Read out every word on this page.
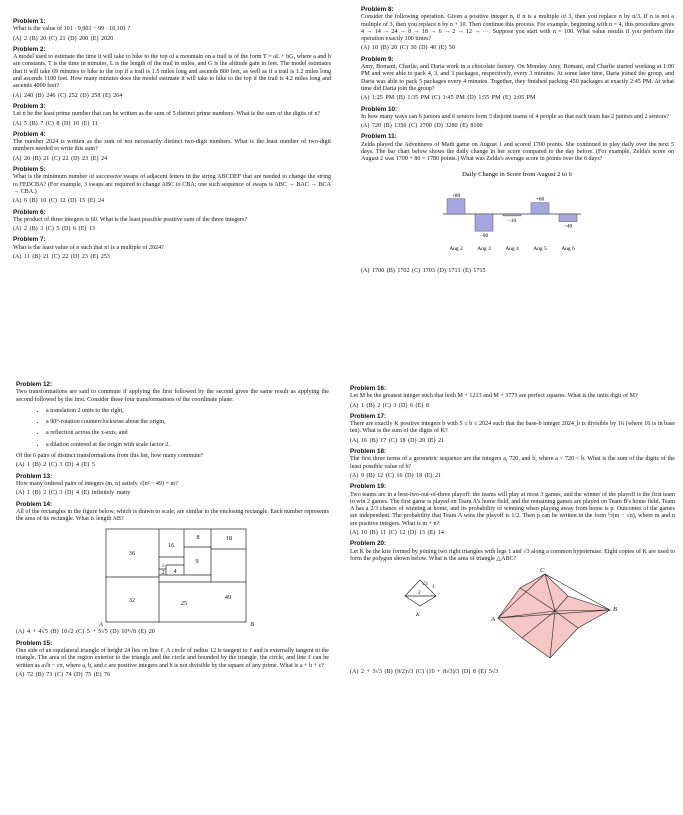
Problem 1:
What is the value of 101 · 9,901 − 99 · 10,101 ?
(A) 2 (B) 20 (C) 21 (D) 200 (E) 2020
Problem 2:
A model used to estimate the time it will take to hike to the top of a mountain on a trail is of the form T = aL + bG, where a and b are constants, T is the time in minutes, L is the length of the trail in miles, and G is the altitude gain in feet. The model estimates that it will take 69 minutes to hike to the top if a trail is 1.5 miles long and ascends 800 feet, as well as if a trail is 1.2 miles long and ascends 1100 feet. How many minutes does the model estimate it will take to hike to the top if the trail is 4.2 miles long and ascends 4000 feet?
(A) 240 (B) 246 (C) 252 (D) 258 (E) 264
Problem 3:
Let n be the least prime number that can be written as the sum of 5 distinct prime numbers. What is the sum of the digits of n?
(A) 5 (B) 7 (C) 8 (D) 10 (E) 11
Problem 4:
The number 2024 is written as the sum of not necessarily distinct two-digit numbers. What is the least number of two-digit numbers needed to write this sum?
(A) 20 (B) 21 (C) 22 (D) 23 (E) 24
Problem 5:
What is the minimum number of successive swaps of adjacent letters in the string ABCDEF that are needed to change the string to FEDCBA? (For example, 3 swaps are required to change ABC to CBA; one such sequence of swaps is ABC → BAC → BCA → CBA.)
(A) 6 (B) 10 (C) 12 (D) 15 (E) 24
Problem 6:
The product of three integers is 60. What is the least possible positive sum of the three integers?
(A) 2 (B) 3 (C) 5 (D) 6 (E) 13
Problem 7:
What is the least value of n such that n! is a multiple of 2024?
(A) 11 (B) 21 (C) 22 (D) 23 (E) 253
Problem 8:
Consider the following operation. Given a positive integer n, if n is a multiple of 3, then you replace n by n/3. If n is not a multiple of 3, then you replace n by n + 10. Then continue this process. For example, beginning with n = 4, this procedure gives 4 → 14 → 24 → 8 → 18 → 6 → 2 → 12 → ···. Suppose you start with n = 100. What value results if you perform this operation exactly 100 times?
(A) 10 (B) 20 (C) 30 (D) 40 (E) 50
Problem 9:
Amy, Bomani, Charlie, and Daria work in a chocolate factory. On Monday Amy, Bomani, and Charlie started working at 1:00 PM and were able to pack 4, 3, and 3 packages, respectively, every 3 minutes. At some later time, Daria joined the group, and Daria was able to pack 5 packages every 4 minutes. Together, they finished packing 450 packages at exactly 2:45 PM. At what time did Daria join the group?
(A) 1:25 PM (B) 1:35 PM (C) 1:45 PM (D) 1:55 PM (E) 2:05 PM
Problem 10:
In how many ways can 6 juniors and 6 seniors form 3 disjoint teams of 4 people so that each team has 2 juniors and 2 seniors?
(A) 720 (B) 1350 (C) 2700 (D) 3280 (E) 8100
Problem 11:
Zelda played the Adventures of Math game on August 1 and scored 1700 points. She continued to play daily over the next 5 days. The bar chart below shows the daily change in her score compared to the day before. (For example, Zelda's score on August 2 was 1700 + 80 = 1780 points.) What was Zelda's average score in points over the 6 days?
Daily Change in Score from August 2 to 6
+80
Aug 2
−90
Aug 3
−10
Aug 4
+60
Aug 5
−40
Aug 6
(A) 1700 (B) 1702 (C) 1703 (D) 1713 (E) 1715
Problem 12:
Two transformations are said to commute if applying the first followed by the second gives the same result as applying the second followed by the first. Consider these four transformations of the coordinate plane:
• a translation 2 units to the right,
• a 90°-rotation counterclockwise about the origin,
• a reflection across the x-axis, and
• a dilation centered at the origin with scale factor 2.
Of the 6 pairs of distinct transformations from this list, how many commute?
(A) 1 (B) 2 (C) 3 (D) 4 (E) 5
Problem 13:
How many ordered pairs of integers (m, n) satisfy √(n² − 49) = m?
(A) 1 (B) 2 (C) 3 (D) 4 (E) infinitely many
Problem 14:
All of the rectangles in the figure below, which is drawn to scale, are similar to the enclosing rectangle. Each number represents the area of its rectangle. What is length AB?
36
16
8	18
9
4
2
1
25
49
32
A	B
(A) 4 + 4√5 (B) 10√2 (C) 5 + 5√5 (D) 10⁴√8 (E) 20
Problem 15:
One side of an equilateral triangle of height 24 lies on line ℓ. A circle of radius 12 is tangent to ℓ and is externally tangent to the triangle. The area of the region exterior to the triangle and the circle and bounded by the triangle, the circle, and line ℓ can be written as a√b − cπ, where a, b, and c are positive integers and b is not divisible by the square of any prime. What is a + b + c?
(A) 72 (B) 73 (C) 74 (D) 75 (E) 76
Problem 16:
Let M be the greatest integer such that both M + 1213 and M + 3773 are perfect squares. What is the units digit of M?
(A) 1 (B) 2 (C) 3 (D) 6 (E) 8
Problem 17:
There are exactly K positive integers b with 5 ≤ b ≤ 2024 such that the base-b integer 2024_b is divisible by 16 (where 16 is in base ten). What is the sum of the digits of K?
(A) 16 (B) 17 (C) 18 (D) 20 (E) 21
Problem 18:
The first three terms of a geometric sequence are the integers a, 720, and b, where a < 720 < b. What is the sum of the digits of the least possible value of b?
(A) 9 (B) 12 (C) 16 (D) 18 (E) 21
Problem 19:
Two teams are in a best-two-out-of-three playoff: the teams will play at most 3 games, and the winner of the playoff is the first team to win 2 games. The first game is played on Team A's home field, and the remaining games are played on Team B's home field. Team A has a 2/3 chance of winning at home, and its probability of winning when playing away from home is p. Outcomes of the games are independent. The probability that Team A wins the playoff is 1/2. Then p can be written in the form ½(m − √n), where m and n are positive integers. What is m + n?
(A) 10 (B) 11 (C) 12 (D) 13 (E) 14
Problem 20:
Let K be the kite formed by joining two right triangles with legs 1 and √3 along a common hypotenuse. Eight copies of K are used to form the polygon shown below. What is the area of triangle △ABC?
√3 1
2
K
A
B
C
(A) 2 + 3√3 (B) (9/2)√3 (C) (10 + 8√3)/3 (D) 8 (E) 5√3
